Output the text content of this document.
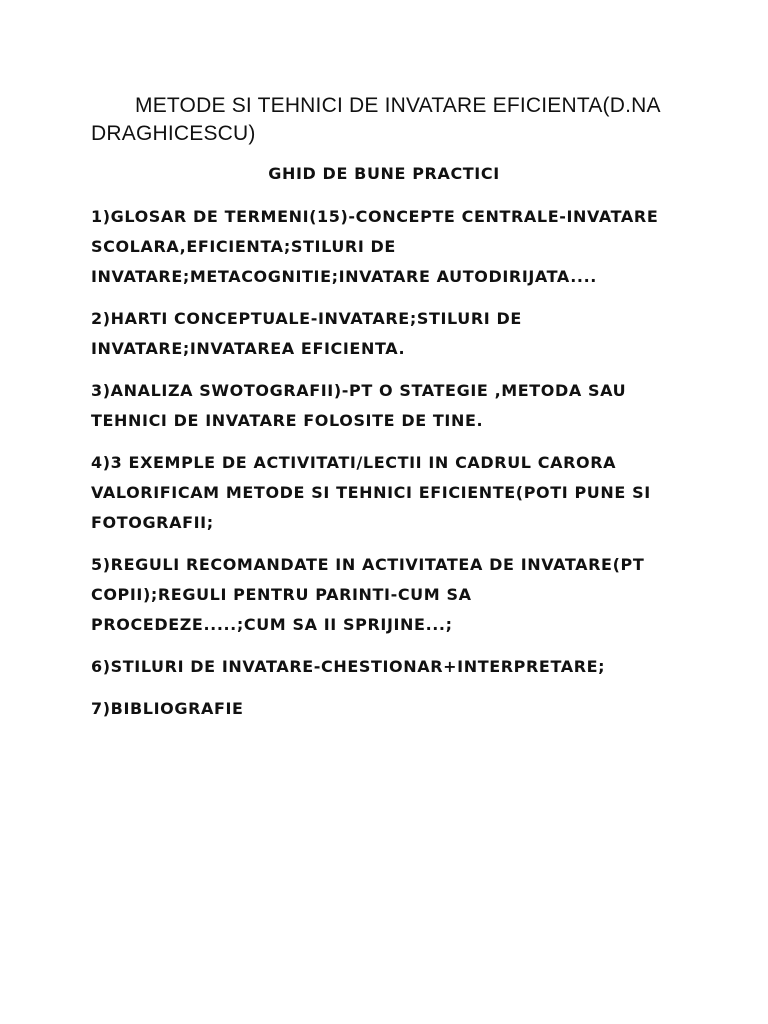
METODE SI TEHNICI DE INVATARE EFICIENTA(D.NA DRAGHICESCU)

GHID DE BUNE PRACTICI

1)GLOSAR DE TERMENI(15)-CONCEPTE CENTRALE-INVATARE SCOLARA,EFICIENTA;STILURI DE INVATARE;METACOGNITIE;INVATARE AUTODIRIJATA....
2)HARTI CONCEPTUALE-INVATARE;STILURI DE INVATARE;INVATAREA EFICIENTA.
3)ANALIZA SWOTOGRAFII)-PT O STATEGIE ,METODA SAU TEHNICI DE INVATARE FOLOSITE DE TINE.
4)3 EXEMPLE DE ACTIVITATI/LECTII IN CADRUL CARORA VALORIFICAM METODE SI TEHNICI EFICIENTE(POTI PUNE SI FOTOGRAFII;
5)REGULI RECOMANDATE IN ACTIVITATEA DE INVATARE(PT COPII);REGULI PENTRU PARINTI-CUM SA PROCEDEZE.....;CUM SA II SPRIJINE...;
6)STILURI DE INVATARE-CHESTIONAR+INTERPRETARE;
7)BIBLIOGRAFIE
